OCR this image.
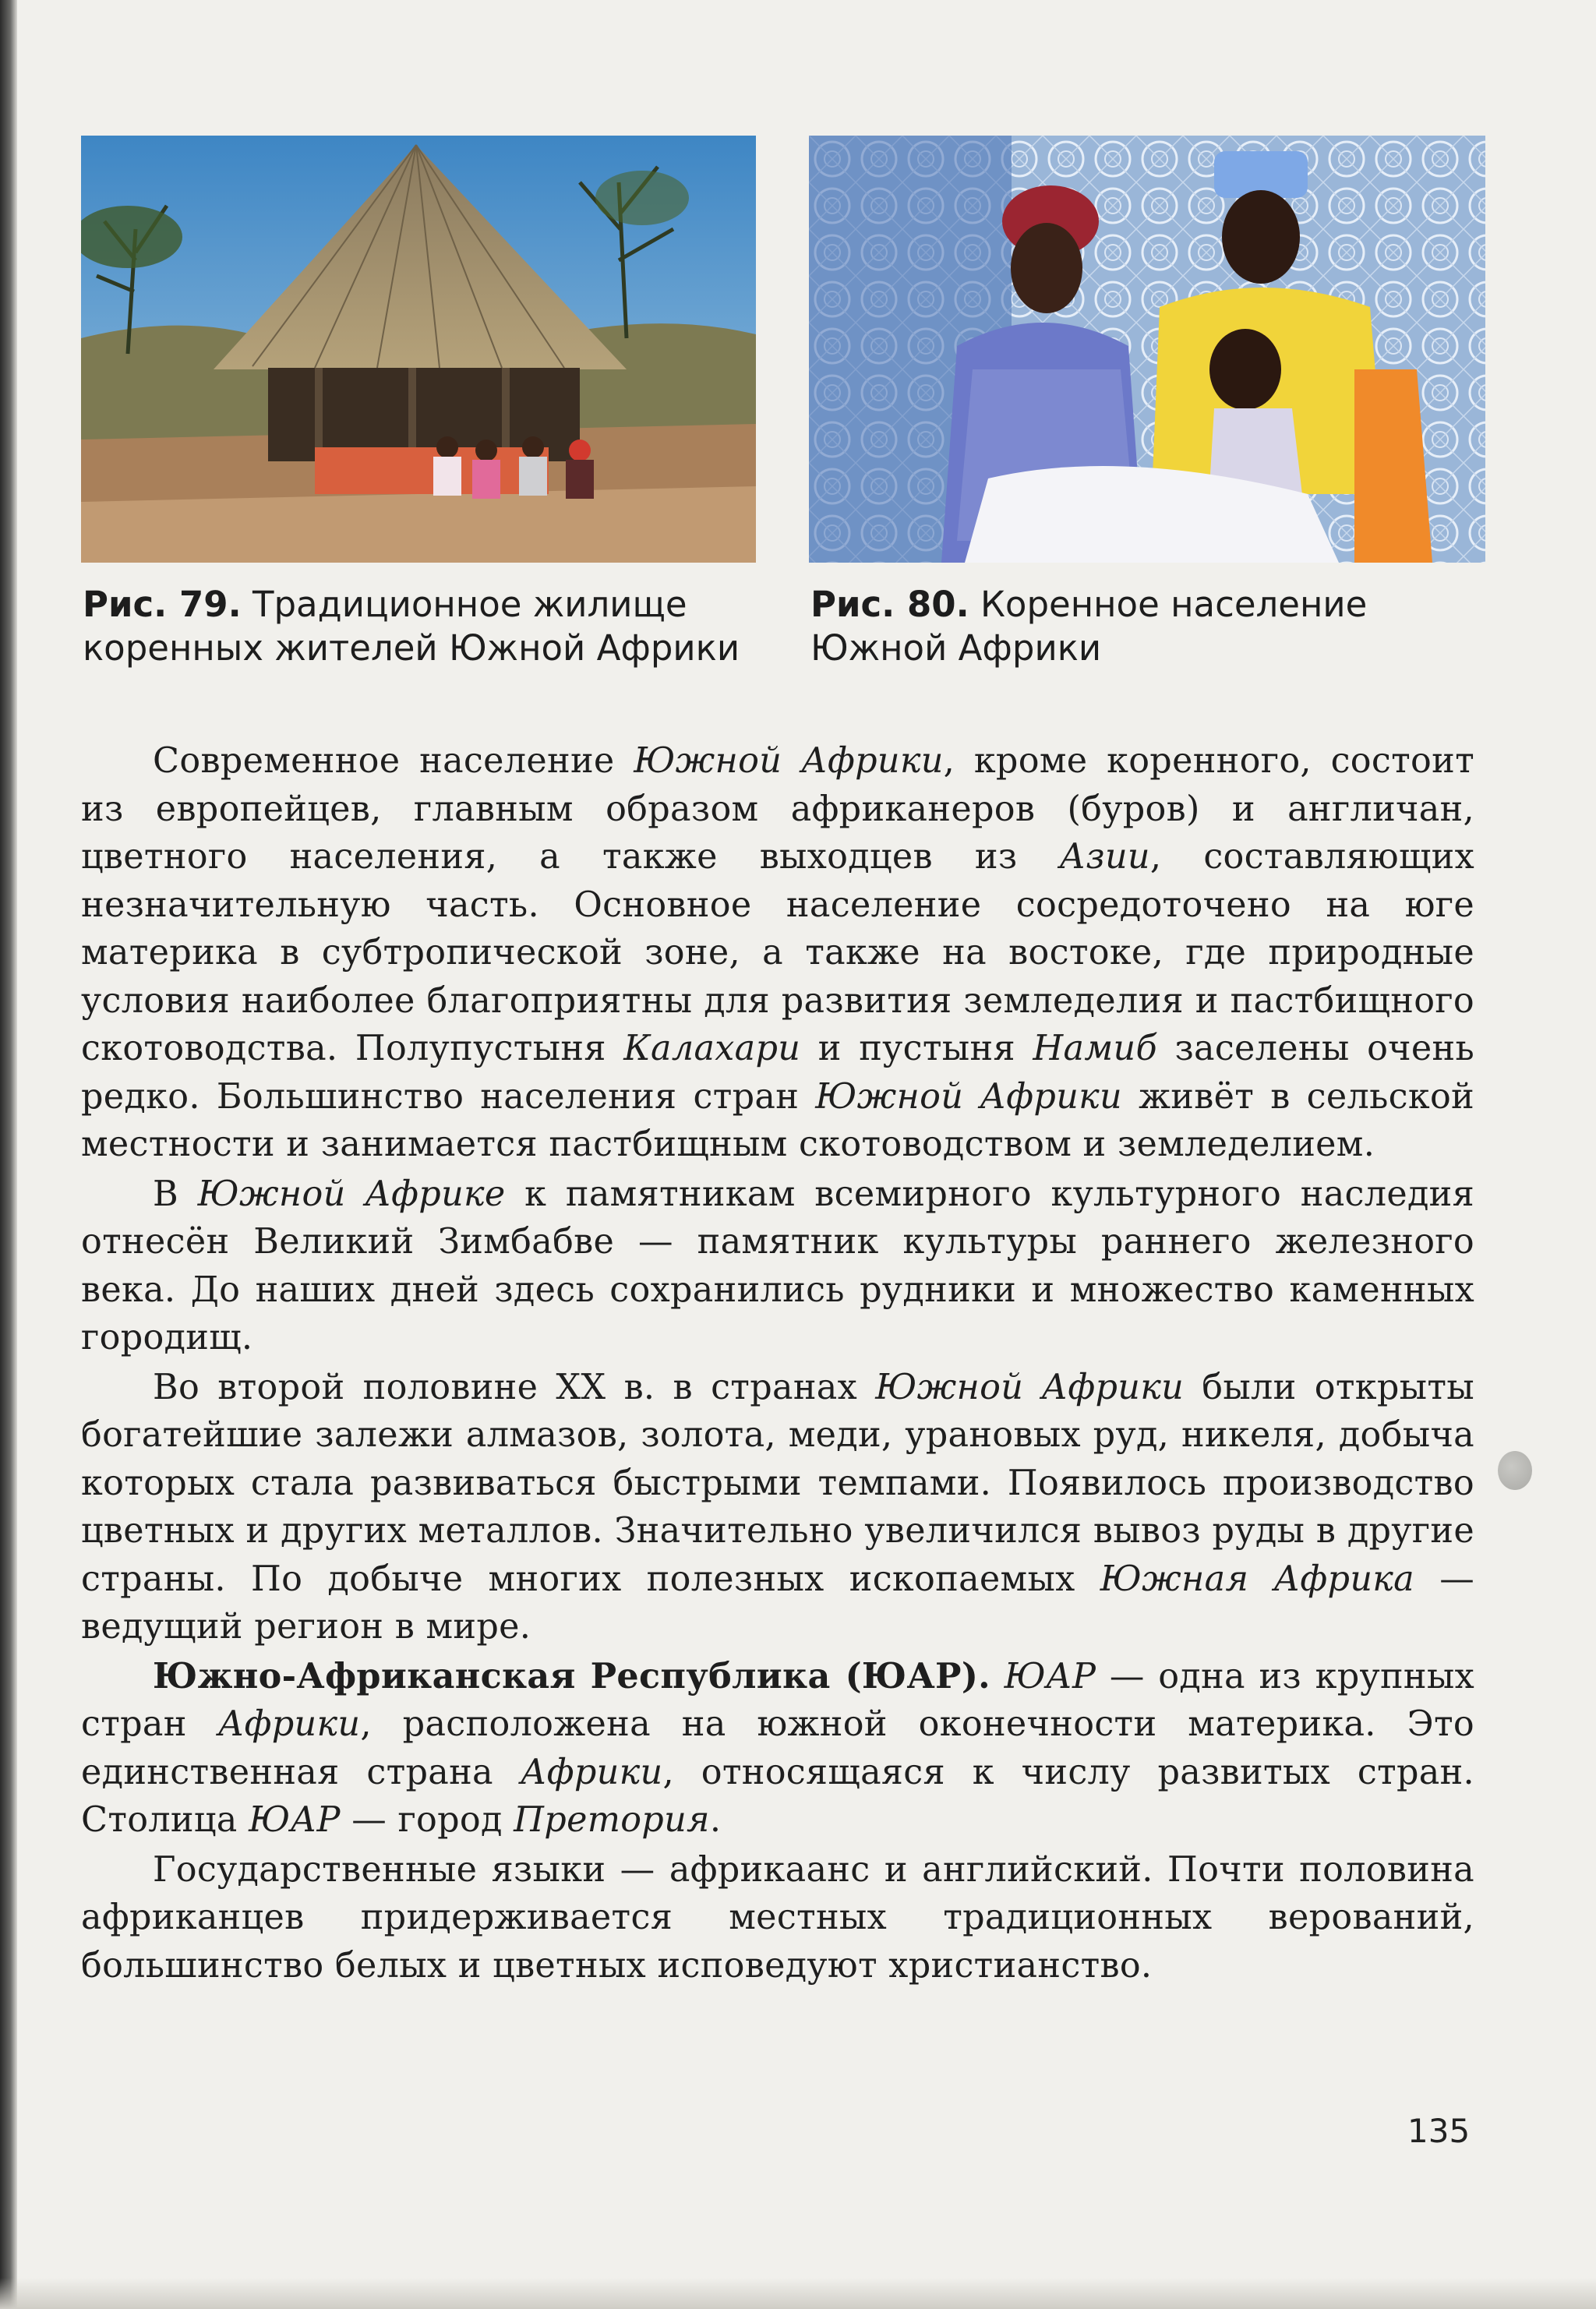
Рис. 79. Традиционное жилище
коренных жителей Южной Африки
Рис. 80. Коренное население
Южной Африки

Современное население Южной Африки, кроме коренного, состоит из европейцев, главным образом африканеров (буров) и англичан, цветного населения, а также выходцев из Азии, составляющих незначительную часть. Основное население сосредоточено на юге материка в субтропической зоне, а также на востоке, где природные условия наиболее благоприятны для развития земледелия и пастбищного скотоводства. Полупустыня Калахари и пустыня Намиб заселены очень редко. Большинство населения стран Южной Африки живёт в сельской местности и занимается пастбищным скотоводством и земледелием.

В Южной Африке к памятникам всемирного культурного наследия отнесён Великий Зимбабве — памятник культуры раннего железного века. До наших дней здесь сохранились рудники и множество каменных городищ.

Во второй половине XX в. в странах Южной Африки были открыты богатейшие залежи алмазов, золота, меди, урановых руд, никеля, добыча которых стала развиваться быстрыми темпами. Появилось производство цветных и других металлов. Значительно увеличился вывоз руды в другие страны. По добыче многих полезных ископаемых Южная Африка — ведущий регион в мире.

Южно-Африканская Республика (ЮАР). ЮАР — одна из крупных стран Африки, расположена на южной оконечности материка. Это единственная страна Африки, относящаяся к числу развитых стран. Столица ЮАР — город Претория.

Государственные языки — африкаанс и английский. Почти половина африканцев придерживается местных традиционных верований, большинство белых и цветных исповедуют христианство.

135
